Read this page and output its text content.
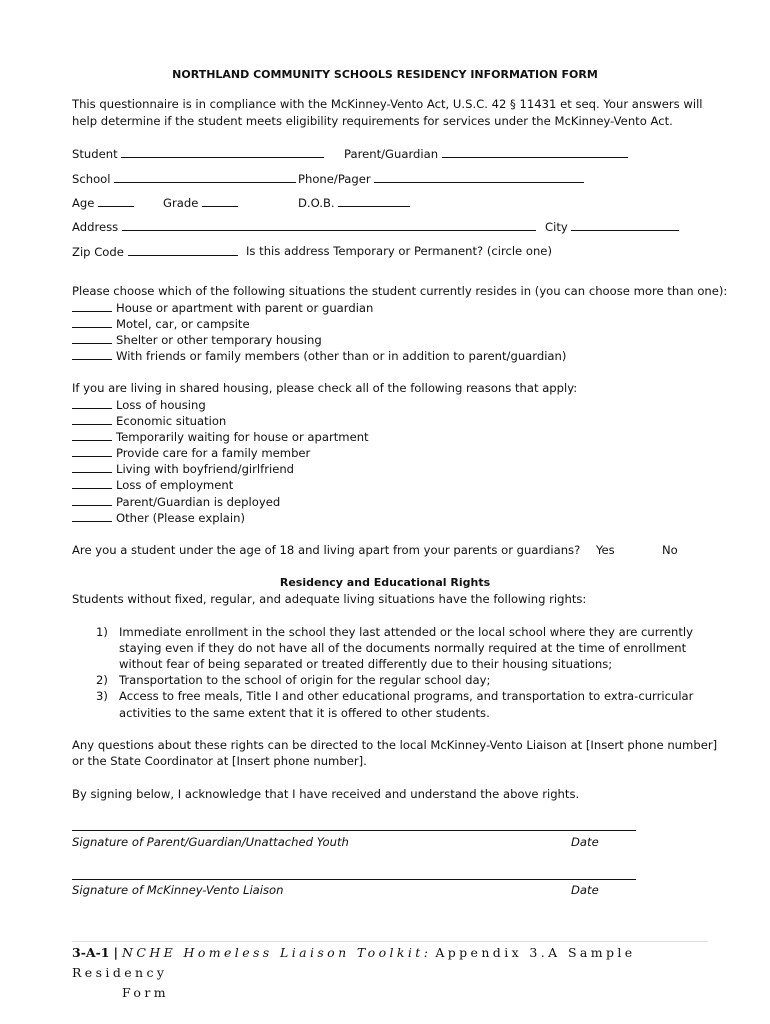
NORTHLAND COMMUNITY SCHOOLS RESIDENCY INFORMATION FORM
This questionnaire is in compliance with the McKinney-Vento Act, U.S.C. 42 § 11431 et seq. Your answers will
help determine if the student meets eligibility requirements for services under the McKinney-Vento Act.
Student	Parent/Guardian
School	Phone/Pager
Age	Grade	D.O.B.
Address	City
Zip Code	Is this address Temporary or Permanent? (circle one)
Please choose which of the following situations the student currently resides in (you can choose more than one):
House or apartment with parent or guardian
Motel, car, or campsite
Shelter or other temporary housing
With friends or family members (other than or in addition to parent/guardian)
If you are living in shared housing, please check all of the following reasons that apply:
Loss of housing
Economic situation
Temporarily waiting for house or apartment
Provide care for a family member
Living with boyfriend/girlfriend
Loss of employment
Parent/Guardian is deployed
Other (Please explain)
Are you a student under the age of 18 and living apart from your parents or guardians? Yes	No
Residency and Educational Rights
Students without fixed, regular, and adequate living situations have the following rights:
1) Immediate enrollment in the school they last attended or the local school where they are currently
staying even if they do not have all of the documents normally required at the time of enrollment
without fear of being separated or treated differently due to their housing situations;
2) Transportation to the school of origin for the regular school day;
3) Access to free meals, Title I and other educational programs, and transportation to extra-curricular
activities to the same extent that it is offered to other students.
Any questions about these rights can be directed to the local McKinney-Vento Liaison at [Insert phone number]
or the State Coordinator at [Insert phone number].
By signing below, I acknowledge that I have received and understand the above rights.
Signature of Parent/Guardian/Unattached Youth	Date
Signature of McKinney-Vento Liaison	Date
3-A-1 | NCHE Homeless Liaison Toolkit: Appendix 3.A Sample Residency
Form
